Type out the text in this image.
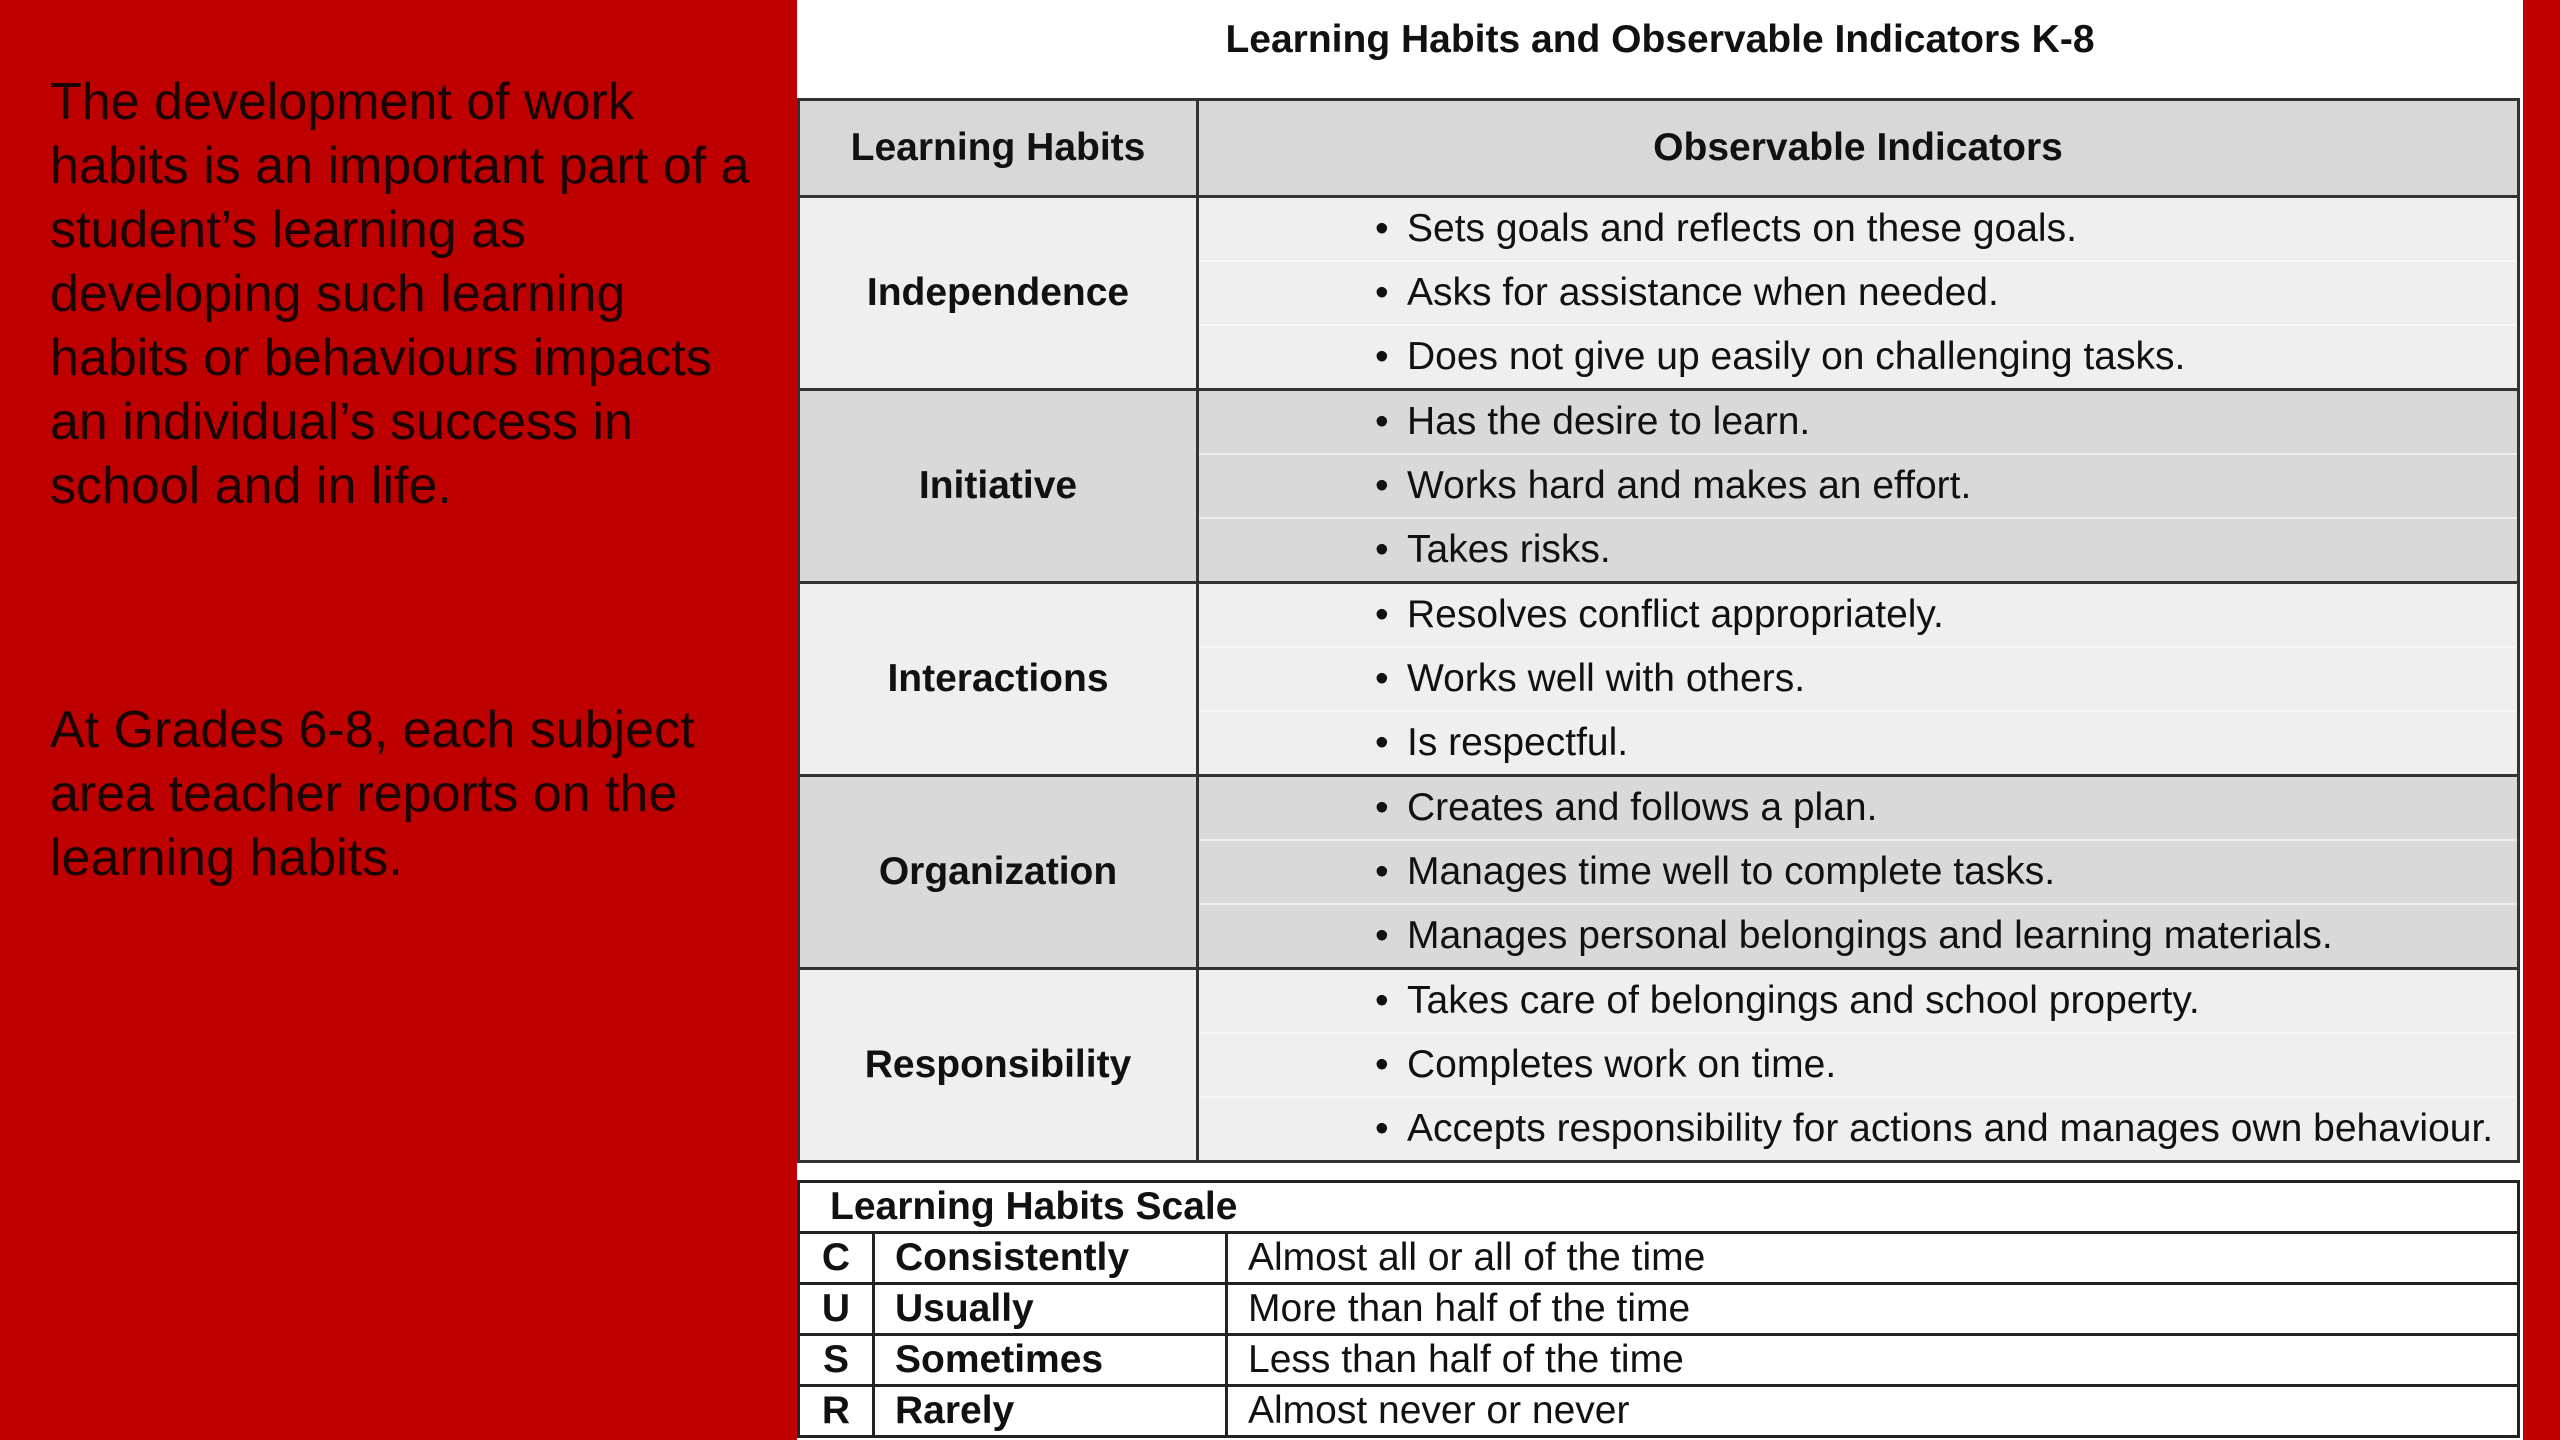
The development of work habits is an important part of a student’s learning as developing such learning habits or behaviours impacts an individual’s success in school and in life.
At Grades 6-8, each subject area teacher reports on the learning habits.
Learning Habits and Observable Indicators K-8
Learning Habits	Observable Indicators
Independence	• Sets goals and reflects on these goals.
• Asks for assistance when needed.
• Does not give up easily on challenging tasks.

Initiative	• Has the desire to learn.
• Works hard and makes an effort.
• Takes risks.

Interactions	• Resolves conflict appropriately.
• Works well with others.
• Is respectful.

Organization	• Creates and follows a plan.
• Manages time well to complete tasks.
• Manages personal belongings and learning materials.

Responsibility	• Takes care of belongings and school property.
• Completes work on time.
• Accepts responsibility for actions and manages own behaviour.
Learning Habits Scale		
C	Consistently	Almost all or all of the time
U	Usually	More than half of the time
S	Sometimes	Less than half of the time
R	Rarely	Almost never or never
